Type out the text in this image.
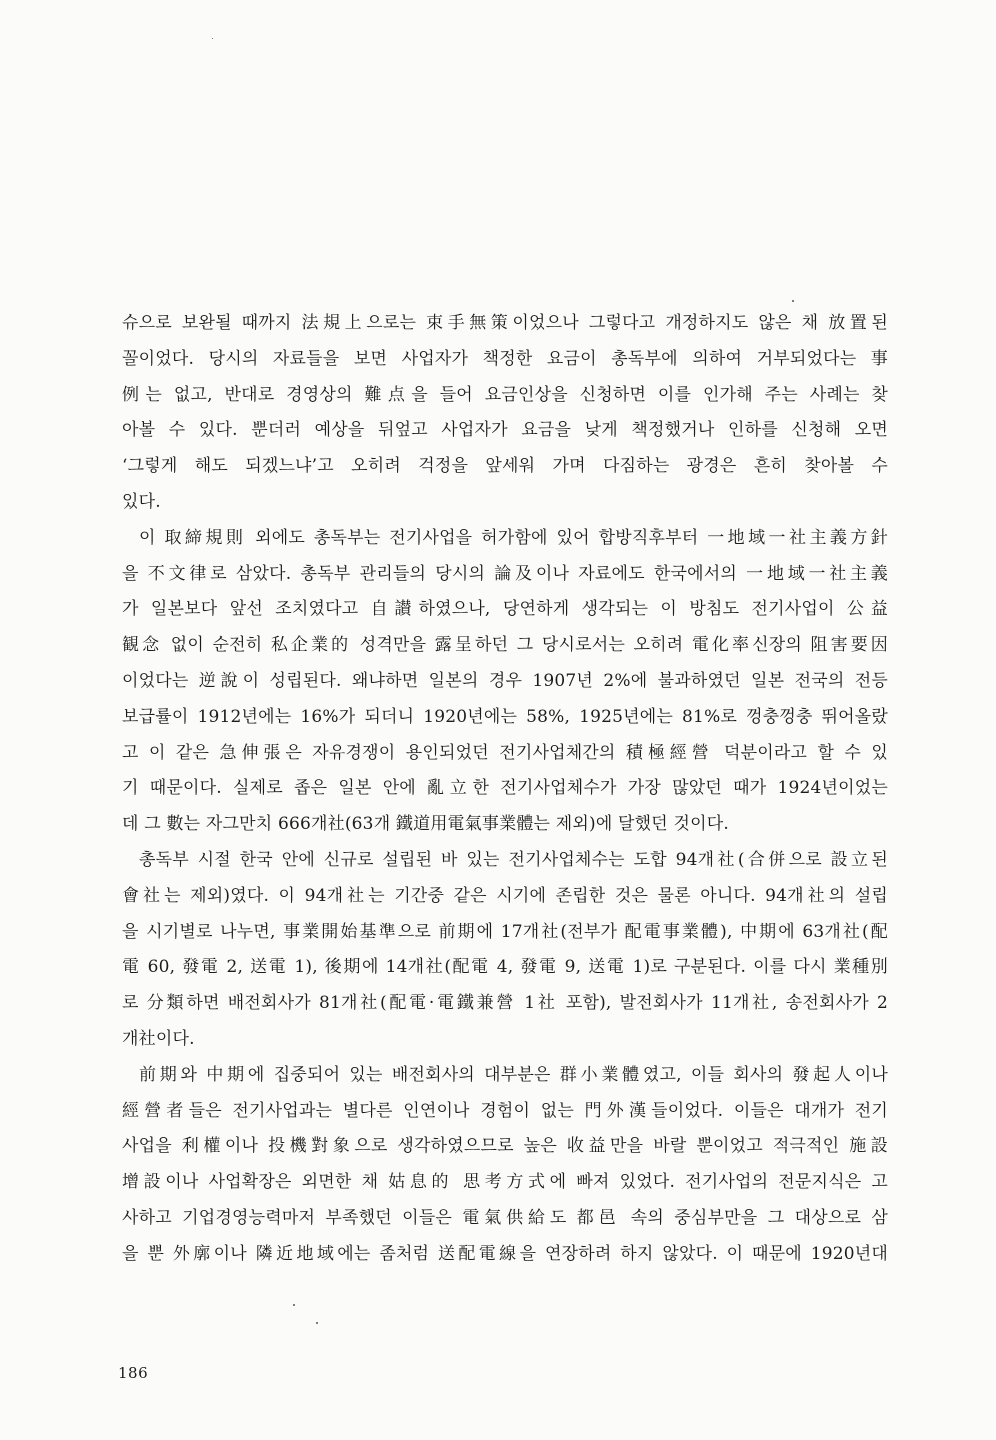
슈으로 보완될 때까지 法規上으로는 束手無策이었으나 그렇다고 개정하지도 않은 채 放置된
꼴이었다. 당시의 자료들을 보면 사업자가 책정한 요금이 총독부에 의하여 거부되었다는 事
例는 없고, 반대로 경영상의 難点을 들어 요금인상을 신청하면 이를 인가해 주는 사례는 찾
아볼 수 있다. 뿐더러 예상을 뒤엎고 사업자가 요금을 낮게 책정했거나 인하를 신청해 오면
‘그렇게 해도 되겠느냐’고 오히려 걱정을 앞세워 가며 다짐하는 광경은 흔히 찾아볼 수
있다.
이 取締規則 외에도 총독부는 전기사업을 허가함에 있어 합방직후부터 一地域一社主義方針
을 不文律로 삼았다. 총독부 관리들의 당시의 論及이나 자료에도 한국에서의 一地域一社主義
가 일본보다 앞선 조치였다고 自讃하였으나, 당연하게 생각되는 이 방침도 전기사업이 公益
観念 없이 순전히 私企業的 성격만을 露呈하던 그 당시로서는 오히려 電化率신장의 阻害要因
이었다는 逆說이 성립된다. 왜냐하면 일본의 경우 1907년 2%에 불과하였던 일본 전국의 전등
보급률이 1912년에는 16%가 되더니 1920년에는 58%, 1925년에는 81%로 껑충껑충 뛰어올랐
고 이 같은 急伸張은 자유경쟁이 용인되었던 전기사업체간의 積極經營 덕분이라고 할 수 있
기 때문이다. 실제로 좁은 일본 안에 亂立한 전기사업체수가 가장 많았던 때가 1924년이었는
데 그 數는 자그만치 666개社(63개 鐵道用電氣事業體는 제외)에 달했던 것이다.
총독부 시절 한국 안에 신규로 설립된 바 있는 전기사업체수는 도합 94개社(合併으로 設立된
會社는 제외)였다. 이 94개社는 기간중 같은 시기에 존립한 것은 물론 아니다. 94개社의 설립
을 시기별로 나누면, 事業開始基準으로 前期에 17개社(전부가 配電事業體), 中期에 63개社(配
電 60, 發電 2, 送電 1), 後期에 14개社(配電 4, 發電 9, 送電 1)로 구분된다. 이를 다시 業種別
로 分類하면 배전회사가 81개社(配電·電鐵兼營 1社 포함), 발전회사가 11개社, 송전회사가 2
개社이다.
前期와 中期에 집중되어 있는 배전회사의 대부분은 群小業體였고, 이들 회사의 發起人이나
經營者들은 전기사업과는 별다른 인연이나 경험이 없는 門外漢들이었다. 이들은 대개가 전기
사업을 利權이나 投機對象으로 생각하였으므로 높은 收益만을 바랄 뿐이었고 적극적인 施設
增設이나 사업확장은 외면한 채 姑息的 思考方式에 빠져 있었다. 전기사업의 전문지식은 고
사하고 기업경영능력마저 부족했던 이들은 電氣供給도 都邑 속의 중심부만을 그 대상으로 삼
을 뿐 外廓이나 隣近地域에는 좀처럼 送配電線을 연장하려 하지 않았다. 이 때문에 1920년대
186
